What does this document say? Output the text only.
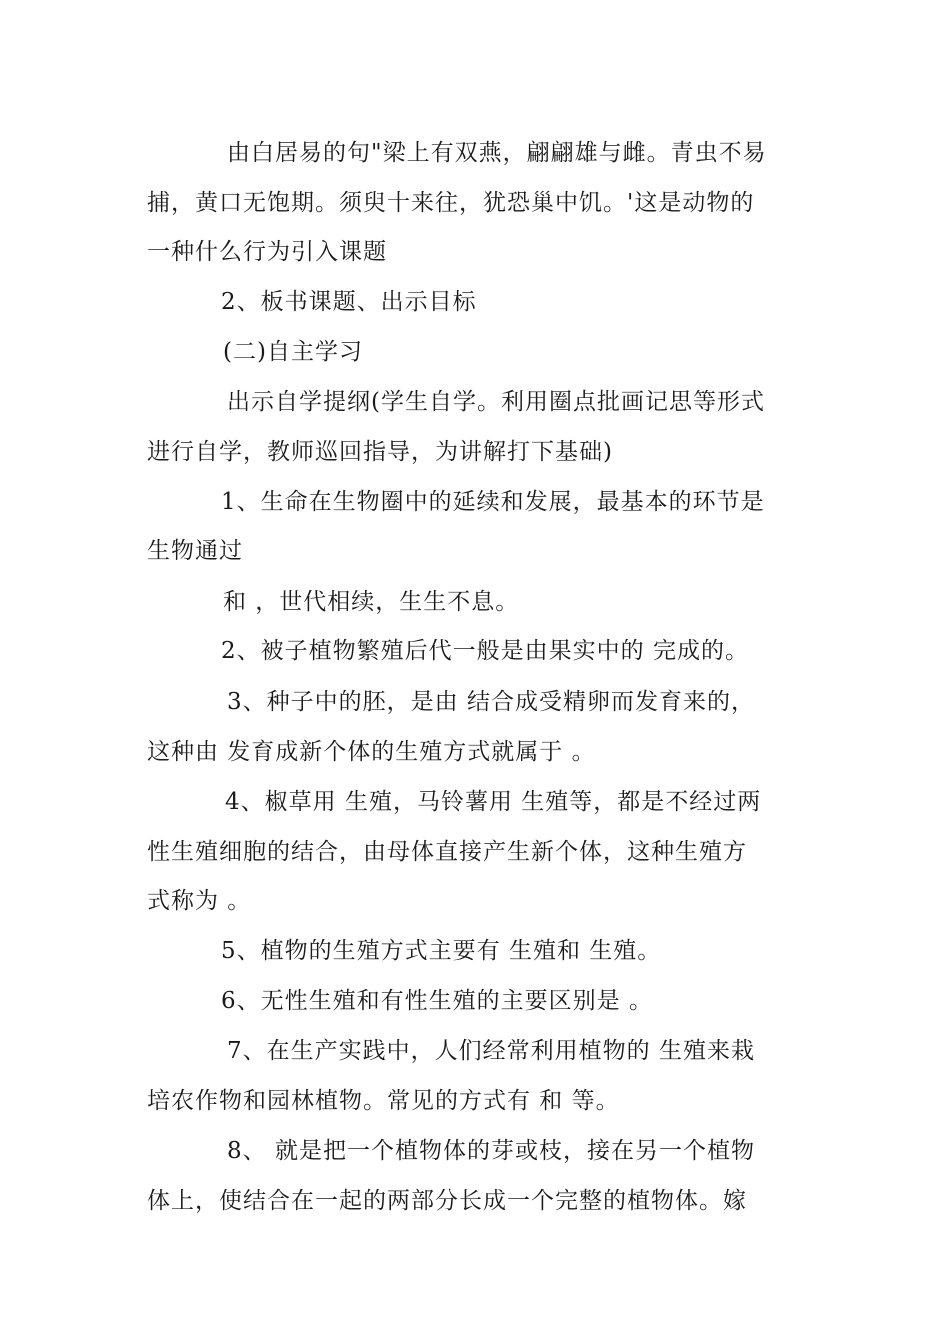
由白居易的句"梁上有双燕，翩翩雄与雌。青虫不易
捕，黄口无饱期。须臾十来往，犹恐巢中饥。'这是动物的
一种什么行为引入课题
2、板书课题、出示目标
(二)自主学习
出示自学提纲(学生自学。利用圈点批画记思等形式
进行自学，教师巡回指导，为讲解打下基础)
1、生命在生物圈中的延续和发展，最基本的环节是
生物通过
和 ，世代相续，生生不息。
2、被子植物繁殖后代一般是由果实中的 完成的。
3、种子中的胚，是由 结合成受精卵而发育来的，
这种由 发育成新个体的生殖方式就属于 。
4、椒草用 生殖，马铃薯用 生殖等，都是不经过两
性生殖细胞的结合，由母体直接产生新个体，这种生殖方
式称为 。
5、植物的生殖方式主要有 生殖和 生殖。
6、无性生殖和有性生殖的主要区别是 。
7、在生产实践中，人们经常利用植物的 生殖来栽
培农作物和园林植物。常见的方式有 和 等。
8、 就是把一个植物体的芽或枝，接在另一个植物
体上，使结合在一起的两部分长成一个完整的植物体。嫁
